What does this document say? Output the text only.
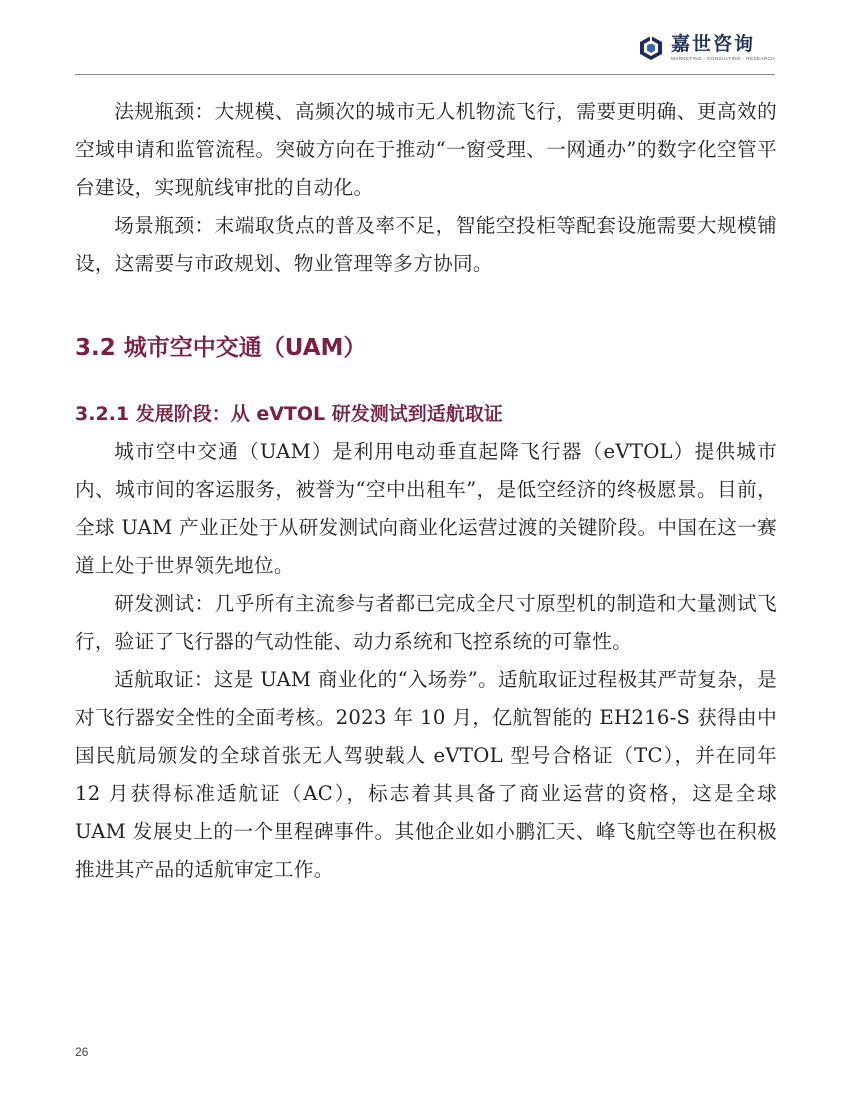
嘉世咨询
MARKETING · CONSULTING · RESEARCH

法规瓶颈：大规模、高频次的城市无人机物流飞行，需要更明确、更高效的空域申请和监管流程。突破方向在于推动“一窗受理、一网通办”的数字化空管平台建设，实现航线审批的自动化。

场景瓶颈：末端取货点的普及率不足，智能空投柜等配套设施需要大规模铺设，这需要与市政规划、物业管理等多方协同。

3.2 城市空中交通（UAM）
3.2.1 发展阶段：从 eVTOL 研发测试到适航取证

城市空中交通（UAM）是利用电动垂直起降飞行器（eVTOL）提供城市内、城市间的客运服务，被誉为“空中出租车”，是低空经济的终极愿景。目前，全球 UAM 产业正处于从研发测试向商业化运营过渡的关键阶段。中国在这一赛道上处于世界领先地位。

研发测试：几乎所有主流参与者都已完成全尺寸原型机的制造和大量测试飞行，验证了飞行器的气动性能、动力系统和飞控系统的可靠性。

适航取证：这是 UAM 商业化的“入场券”。适航取证过程极其严苛复杂，是对飞行器安全性的全面考核。2023 年 10 月，亿航智能的 EH216-S 获得由中国民航局颁发的全球首张无人驾驶载人 eVTOL 型号合格证（TC），并在同年 12 月获得标准适航证（AC），标志着其具备了商业运营的资格，这是全球 UAM 发展史上的一个里程碑事件。其他企业如小鹏汇天、峰飞航空等也在积极推进其产品的适航审定工作。

26
